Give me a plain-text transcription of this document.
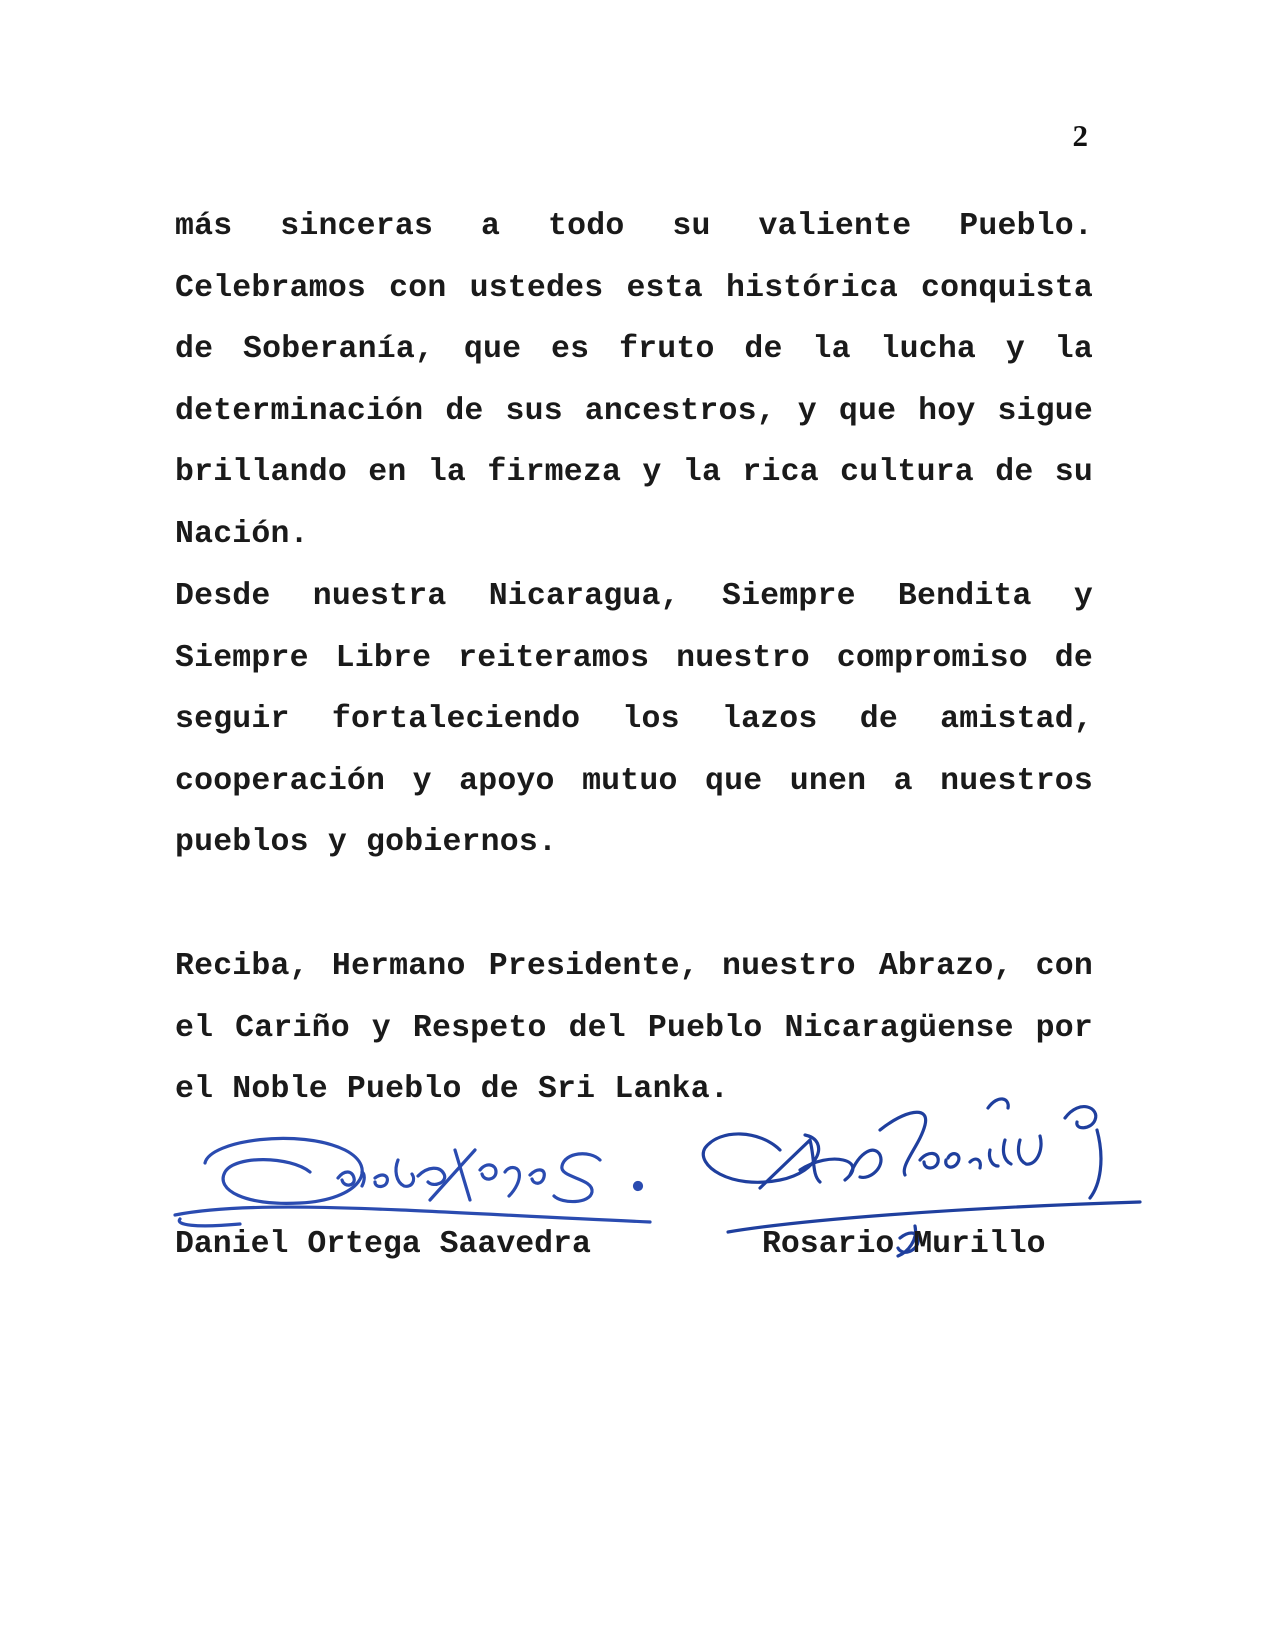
2

más sinceras a todo su valiente Pueblo. Celebramos con ustedes esta histórica conquista de Soberanía, que es fruto de la lucha y la determinación de sus ancestros, y que hoy sigue brillando en la firmeza y la rica cultura de su Nación.

Desde nuestra Nicaragua, Siempre Bendita y Siempre Libre reiteramos nuestro compromiso de seguir fortaleciendo los lazos de amistad, cooperación y apoyo mutuo que unen a nuestros pueblos y gobiernos.

Reciba, Hermano Presidente, nuestro Abrazo, con el Cariño y Respeto del Pueblo Nicaragüense por el Noble Pueblo de Sri Lanka.

Daniel Ortega Saavedra	Rosario Murillo
